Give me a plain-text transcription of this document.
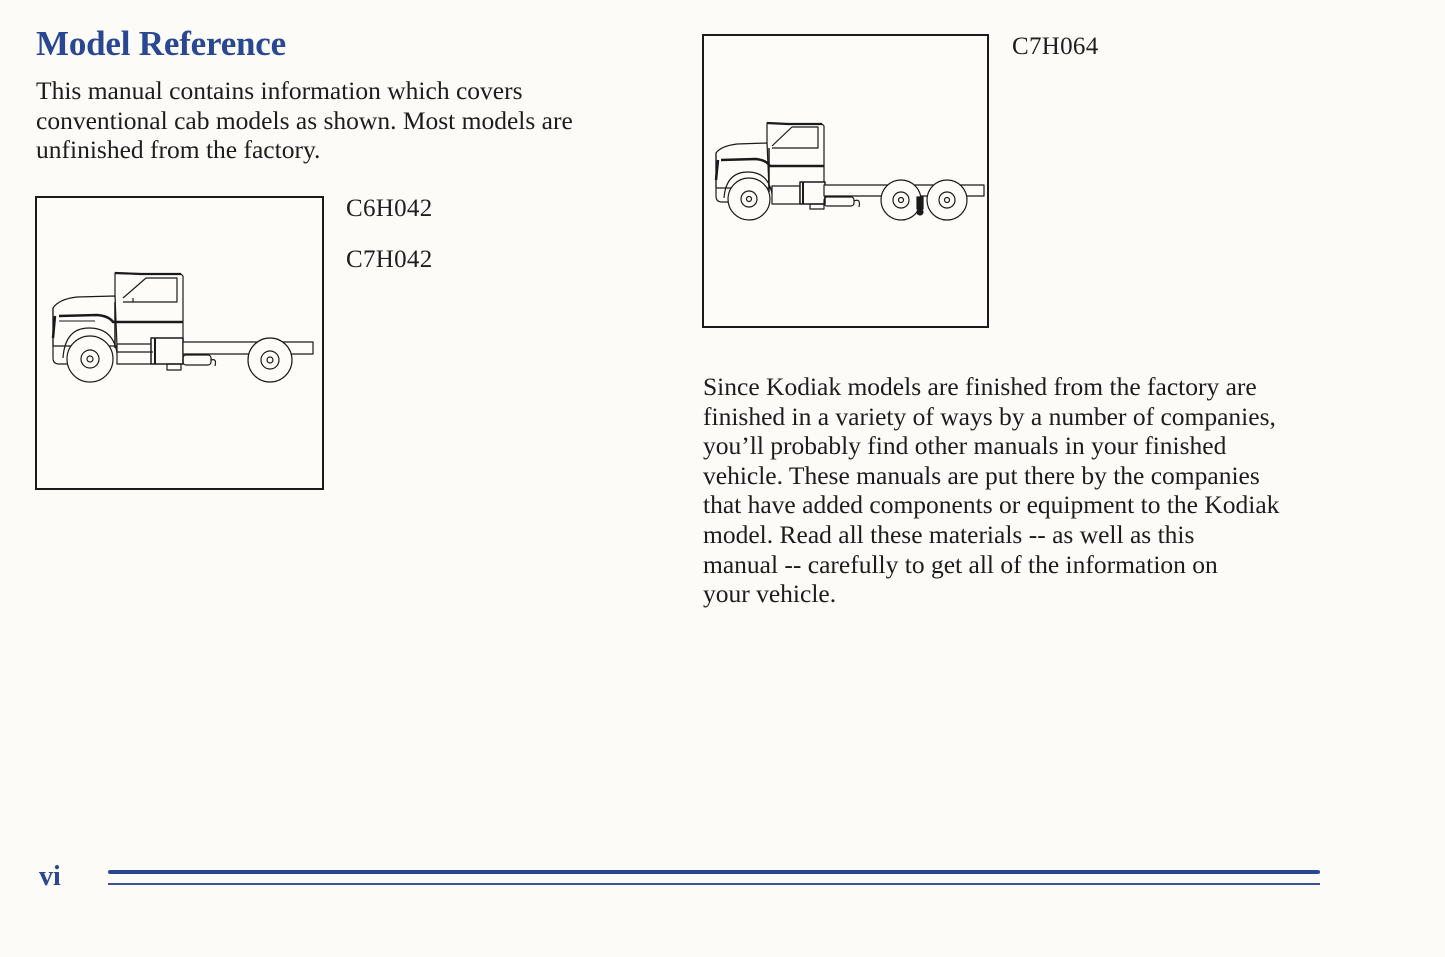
Model Reference

This manual contains information which covers
conventional cab models as shown. Most models are
unfinished from the factory.

C6H042
C7H042
C7H064

Since Kodiak models are finished from the factory are
finished in a variety of ways by a number of companies,
you’ll probably find other manuals in your finished
vehicle. These manuals are put there by the companies
that have added components or equipment to the Kodiak
model. Read all these materials -- as well as this
manual -- carefully to get all of the information on
your vehicle.

vi
